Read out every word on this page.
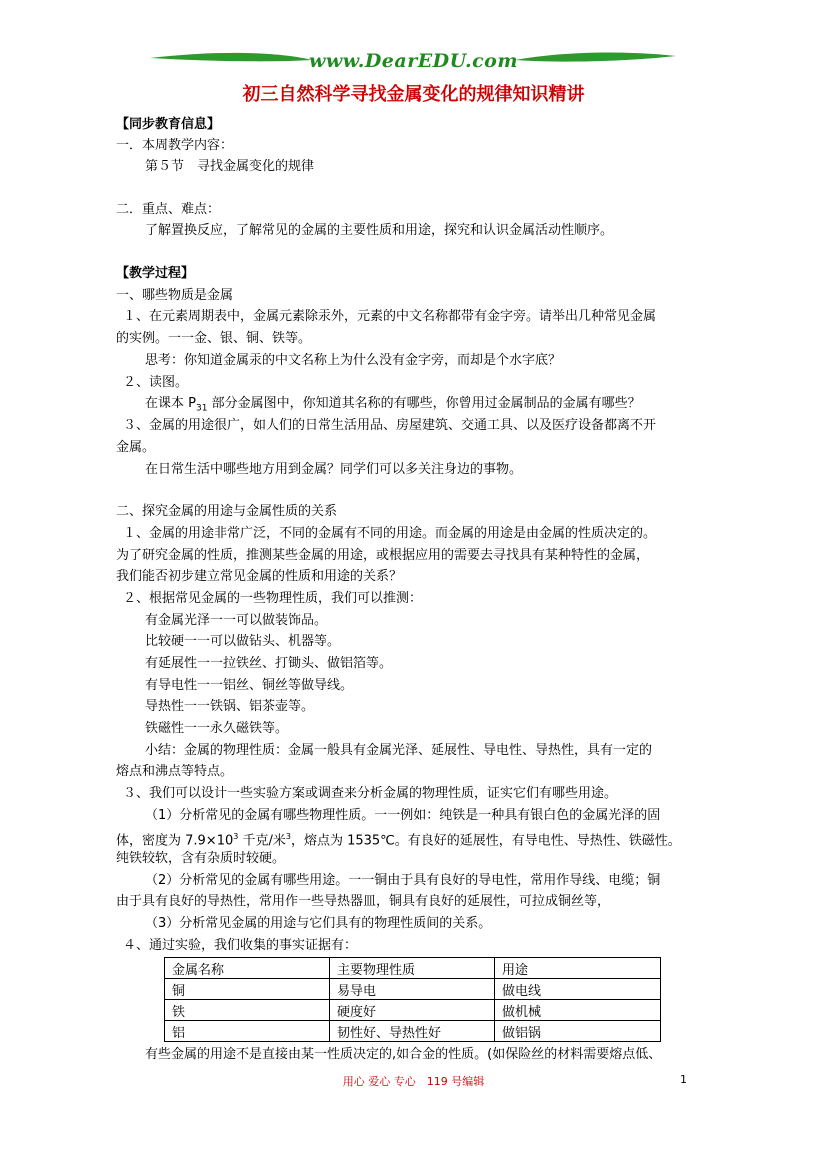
www.DearEDU.com
初三自然科学寻找金属变化的规律知识精讲
【同步教育信息】
一．本周教学内容：
第５节　寻找金属变化的规律
二．重点、难点：
了解置换反应，了解常见的金属的主要性质和用途，探究和认识金属活动性顺序。
【教学过程】
一、哪些物质是金属
１、在元素周期表中，金属元素除汞外，元素的中文名称都带有金字旁。请举出几种常见金属
的实例。一一金、银、铜、铁等。
思考：你知道金属汞的中文名称上为什么没有金字旁，而却是个水字底？
２、读图。
在课本 $P_{31}$ 部分金属图中，你知道其名称的有哪些，你曾用过金属制品的金属有哪些？
３、金属的用途很广，如人们的日常生活用品、房屋建筑、交通工具、以及医疗设备都离不开
金属。
在日常生活中哪些地方用到金属？同学们可以多关注身边的事物。
二、探究金属的用途与金属性质的关系
１、金属的用途非常广泛，不同的金属有不同的用途。而金属的用途是由金属的性质决定的。
为了研究金属的性质，推测某些金属的用途，或根据应用的需要去寻找具有某种特性的金属，
我们能否初步建立常见金属的性质和用途的关系？
２、根据常见金属的一些物理性质，我们可以推测：
有金属光泽一一可以做装饰品。
比较硬一一可以做钻头、机器等。
有延展性一一拉铁丝、打锄头、做铝箔等。
有导电性一一铝丝、铜丝等做导线。
导热性一一铁锅、铝茶壶等。
铁磁性一一永久磁铁等。
小结：金属的物理性质：金属一般具有金属光泽、延展性、导电性、导热性，具有一定的
熔点和沸点等特点。
３、我们可以设计一些实验方案或调查来分析金属的物理性质，证实它们有哪些用途。
（1）分析常见的金属有哪些物理性质。一一例如：纯铁是一种具有银白色的金属光泽的固
体，密度为 $7.9\times 10^3$ 千克/米$^3$，熔点为 1535℃。有良好的延展性，有导电性、导热性、铁磁性。
纯铁较软，含有杂质时较硬。
（2）分析常见的金属有哪些用途。一一铜由于具有良好的导电性，常用作导线、电缆；铜
由于具有良好的导热性，常用作一些导热器皿，铜具有良好的延展性，可拉成铜丝等，
（3）分析常见金属的用途与它们具有的物理性质间的关系。
４、通过实验，我们收集的事实证据有：
金属名称	主要物理性质	用途
铜	易导电	做电线
铁	硬度好	做机械
铝	韧性好、导热性好	做铝锅
有些金属的用途不是直接由某一性质决定的,如合金的性质。(如保险丝的材料需要熔点低、
用心 爱心 专心　119 号编辑	1
